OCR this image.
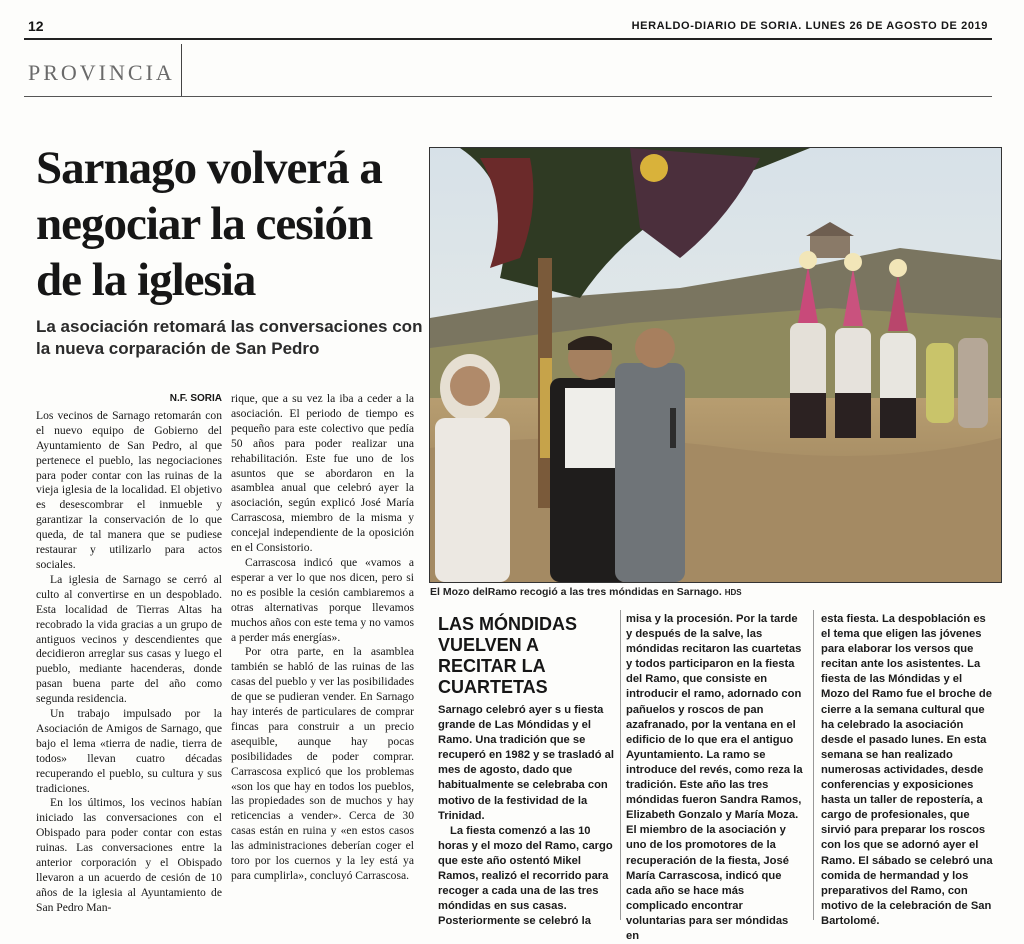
12	HERALDO-DIARIO DE SORIA. LUNES 26 DE AGOSTO DE 2019
PROVINCIA
Sarnago volverá a negociar la cesión de la iglesia
La asociación retomará las conversaciones con la nueva corparación de San Pedro
N.F. SORIA

Los vecinos de Sarnago retomarán con el nuevo equipo de Gobierno del Ayuntamiento de San Pedro, al que pertenece el pueblo, las negociaciones para poder contar con las ruinas de la vieja iglesia de la localidad. El objetivo es desescombrar el inmueble y garantizar la conservación de lo que queda, de tal manera que se pudiese restaurar y utilizarlo para actos sociales.

La iglesia de Sarnago se cerró al culto al convertirse en un despoblado. Esta localidad de Tierras Altas ha recobrado la vida gracias a un grupo de antiguos vecinos y descendientes que decidieron arreglar sus casas y luego el pueblo, mediante hacenderas, donde pasan buena parte del año como segunda residencia.

Un trabajo impulsado por la Asociación de Amigos de Sarnago, que bajo el lema «tierra de nadie, tierra de todos» llevan cuatro décadas recuperando el pueblo, su cultura y sus tradiciones.

En los últimos, los vecinos habían iniciado las conversaciones con el Obispado para poder contar con estas ruinas. Las conversaciones entre la anterior corporación y el Obispado llevaron a un acuerdo de cesión de 10 años de la iglesia al Ayuntamiento de San Pedro Man-

rique, que a su vez la iba a ceder a la asociación. El periodo de tiempo es pequeño para este colectivo que pedía 50 años para poder realizar una rehabilitación. Este fue uno de los asuntos que se abordaron en la asamblea anual que celebró ayer la asociación, según explicó José María Carrascosa, miembro de la misma y concejal independiente de la oposición en el Consistorio.

Carrascosa indicó que «vamos a esperar a ver lo que nos dicen, pero si no es posible la cesión cambiaremos a otras alternativas porque llevamos muchos años con este tema y no vamos a perder más energías».

Por otra parte, en la asamblea también se habló de las ruinas de las casas del pueblo y ver las posibilidades de que se pudieran vender. En Sarnago hay interés de particulares de comprar fincas para construir a un precio asequible, aunque hay pocas posibilidades de poder comprar. Carrascosa explicó que los problemas «son los que hay en todos los pueblos, las propiedades son de muchos y hay reticencias a vender». Cerca de 30 casas están en ruina y «en estos casos las administraciones deberían coger el toro por los cuernos y la ley está ya para cumplirla», concluyó Carrascosa.

El Mozo delRamo recogió a las tres móndidas en Sarnago. HDS
LAS MÓNDIDAS VUELVEN A RECITAR LA CUARTETAS

Sarnago celebró ayer s u fiesta grande de Las Móndidas y el Ramo. Una tradición que se recuperó en 1982 y se trasladó al mes de agosto, dado que habitualmente se celebraba con motivo de la festividad de la Trinidad.

La fiesta comenzó a las 10 horas y el mozo del Ramo, cargo que este año ostentó Mikel Ramos, realizó el recorrido para recoger a cada una de las tres móndidas en sus casas. Posteriormente se celebró la

misa y la procesión. Por la tarde y después de la salve, las móndidas recitaron las cuartetas y todos participaron en la fiesta del Ramo, que consiste en introducir el ramo, adornado con pañuelos y roscos de pan azafranado, por la ventana en el edificio de lo que era el antiguo Ayuntamiento. La ramo se introduce del revés, como reza la tradición. Este año las tres móndidas fueron Sandra Ramos, Elizabeth Gonzalo y María Moza. El miembro de la asociación y uno de los promotores de la recuperación de la fiesta, José María Carrascosa, indicó que cada año se hace más complicado encontrar voluntarias para ser móndidas en

esta fiesta. La despoblación es el tema que eligen las jóvenes para elaborar los versos que recitan ante los asistentes. La fiesta de las Móndidas y el Mozo del Ramo fue el broche de cierre a la semana cultural que ha celebrado la asociación desde el pasado lunes. En esta semana se han realizado numerosas actividades, desde conferencias y exposiciones hasta un taller de repostería, a cargo de profesionales, que sirvió para preparar los roscos con los que se adornó ayer el Ramo. El sábado se celebró una comida de hermandad y los preparativos del Ramo, con motivo de la celebración de San Bartolomé.
